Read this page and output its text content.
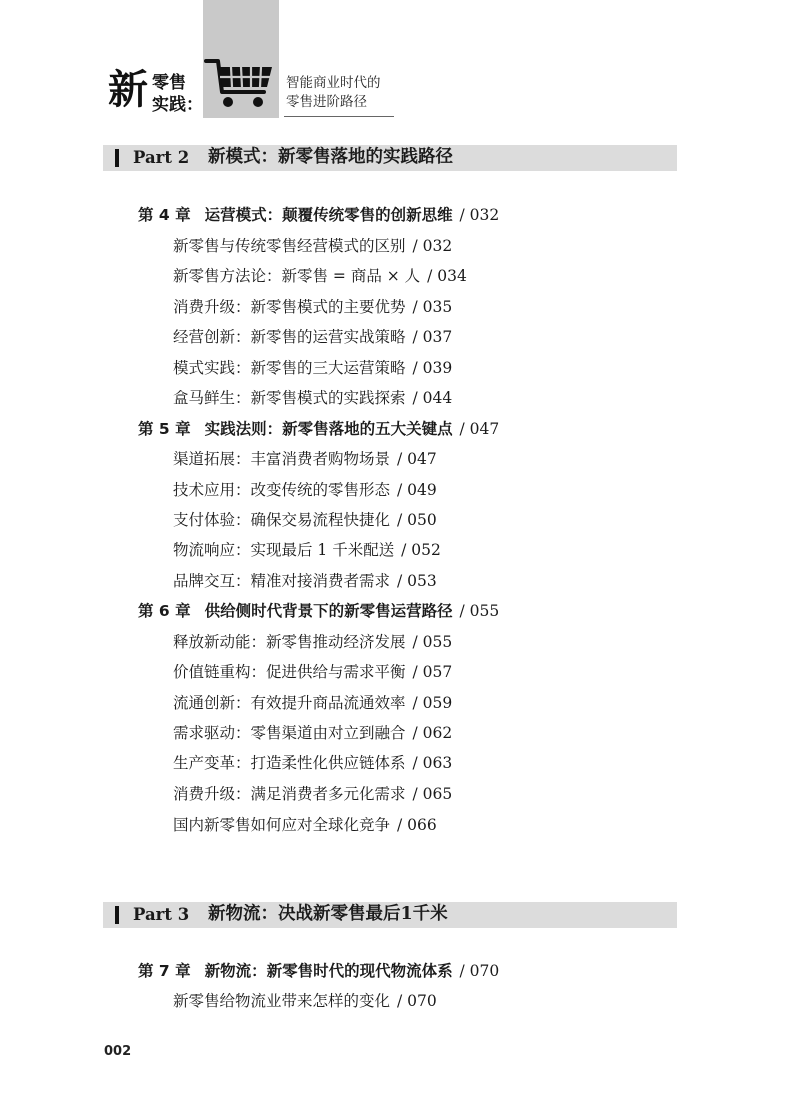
新 零售
实践：
智能商业时代的
零售进阶路径
Part 2 新模式：新零售落地的实践路径
第 4 章 运营模式：颠覆传统零售的创新思维 / 032
新零售与传统零售经营模式的区别 / 032
新零售方法论：新零售 = 商品 × 人 / 034
消费升级：新零售模式的主要优势 / 035
经营创新：新零售的运营实战策略 / 037
模式实践：新零售的三大运营策略 / 039
盒马鲜生：新零售模式的实践探索 / 044
第 5 章 实践法则：新零售落地的五大关键点 / 047
渠道拓展：丰富消费者购物场景 / 047
技术应用：改变传统的零售形态 / 049
支付体验：确保交易流程快捷化 / 050
物流响应：实现最后 1 千米配送 / 052
品牌交互：精准对接消费者需求 / 053
第 6 章 供给侧时代背景下的新零售运营路径 / 055
释放新动能：新零售推动经济发展 / 055
价值链重构：促进供给与需求平衡 / 057
流通创新：有效提升商品流通效率 / 059
需求驱动：零售渠道由对立到融合 / 062
生产变革：打造柔性化供应链体系 / 063
消费升级：满足消费者多元化需求 / 065
国内新零售如何应对全球化竞争 / 066
Part 3 新物流：决战新零售最后1千米
第 7 章 新物流：新零售时代的现代物流体系 / 070
新零售给物流业带来怎样的变化 / 070
002
